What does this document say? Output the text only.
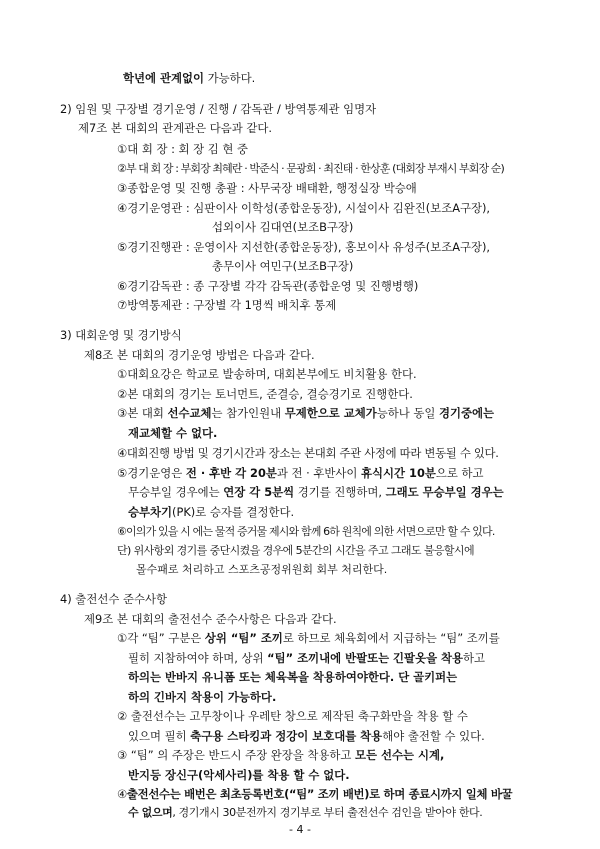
학년에 관계없이 가능하다.
2) 임원 및 구장별 경기운영 / 진행 / 감독관 / 방역통제관 임명자
제7조 본 대회의 관계관은 다음과 같다.
①대 회 장 : 회 장 김 현 중
②부 대 회 장 : 부회장 최혜란 · 박준식 · 문광희 · 최진태 · 한상훈 (대회장 부재시 부회장 순)
③종합운영 및 진행 총괄 : 사무국장 배태환, 행정실장 박승애
④경기운영관 : 심판이사 이학성(종합운동장), 시설이사 김완진(보조A구장),
섭외이사 김대연(보조B구장)
⑤경기진행관 : 운영이사 지선한(종합운동장), 홍보이사 유성주(보조A구장),
총무이사 여민구(보조B구장)
⑥경기감독관 : 종 구장별 각각 감독관(종합운영 및 진행병행)
⑦방역통제관 : 구장별 각 1명씩 배치후 통제
3) 대회운영 및 경기방식
제8조 본 대회의 경기운영 방법은 다음과 같다.
①대회요강은 학교로 발송하며, 대회본부에도 비치활용 한다.
②본 대회의 경기는 토너먼트, 준결승, 결승경기로 진행한다.
③본 대회 선수교체는 참가인원내 무제한으로 교체가능하나 동일 경기중에는
재교체할 수 없다.
④대회진행 방법 및 경기시간과 장소는 본대회 주관 사정에 따라 변동될 수 있다.
⑤경기운영은 전 · 후반 각 20분과 전 · 후반사이 휴식시간 10분으로 하고
무승부일 경우에는 연장 각 5분씩 경기를 진행하며, 그래도 무승부일 경우는
승부차기(PK)로 승자를 결정한다.
⑥이의가 있을 시 에는 물적 증거물 제시와 함께 6하 원칙에 의한 서면으로만 할 수 있다.
단) 위사항외 경기를 중단시켰을 경우에 5분간의 시간을 주고 그래도 불응할시에
몰수패로 처리하고 스포츠공정위원회 회부 처리한다.
4) 출전선수 준수사항
제9조 본 대회의 출전선수 준수사항은 다음과 같다.
①각 “팀” 구분은 상위 “팀” 조끼로 하므로 체육회에서 지급하는 “팀” 조끼를
필히 지참하여야 하며, 상위 “팀” 조끼내에 반팔또는 긴팔옷을 착용하고
하의는 반바지 유니폼 또는 체육복을 착용하여야한다. 단 골키퍼는
하의 긴바지 착용이 가능하다.
② 출전선수는 고무창이나 우레탄 창으로 제작된 축구화만을 착용 할 수
있으며 필히 축구용 스타킹과 정강이 보호대를 착용해야 출전할 수 있다.
③ “팀” 의 주장은 반드시 주장 완장을 착용하고 모든 선수는 시계,
반지등 장신구(악세사리)를 착용 할 수 없다.
④출전선수는 배번은 최초등록번호(“팀” 조끼 배번)로 하며 종료시까지 일체 바꿀
수 없으며, 경기개시 30분전까지 경기부로 부터 출전선수 검인을 받아야 한다.
- 4 -
